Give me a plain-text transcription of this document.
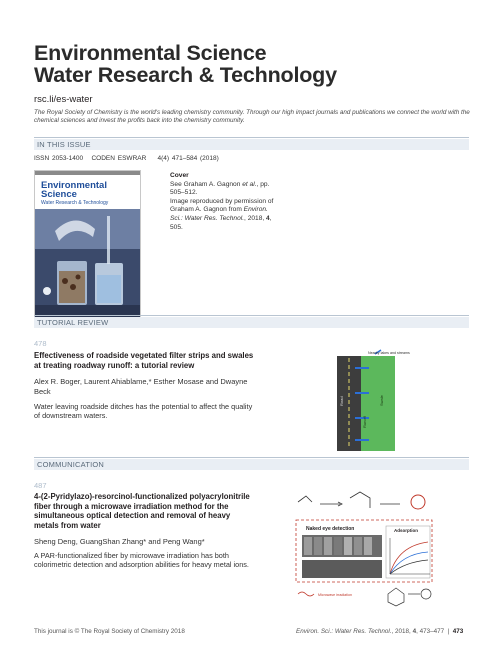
Environmental Science
Water Research & Technology
rsc.li/es-water
The Royal Society of Chemistry is the world's leading chemistry community. Through our high impact journals and publications we connect the world with the chemical sciences and invest the profits back into the chemistry community.
IN THIS ISSUE
ISSN 2053-1400 CODEN ESWRAR 4(4) 471–584 (2018)
Environmental
Science
Water Research & Technology
Cover
See Graham A. Gagnon et al., pp. 505–512.
Image reproduced by permission of Graham A. Gagnon from Environ. Sci.: Water Res. Technol., 2018, 4, 505.
TUTORIAL REVIEW
478
Effectiveness of roadside vegetated filter strips and swales at treating roadway runoff: a tutorial review
Alex R. Boger, Laurent Ahiablame,* Esther Mosase and Dwayne Beck
Water leaving roadside ditches has the potential to affect the quality of downstream waters.
Nearby lakes and streams
Road
Runoff
Swale
COMMUNICATION
487
4-(2-Pyridylazo)-resorcinol-functionalized polyacrylonitrile fiber through a microwave irradiation method for the simultaneous optical detection and removal of heavy metals from water
Sheng Deng, GuangShan Zhang* and Peng Wang*
A PAR-functionalized fiber by microwave irradiation has both colorimetric detection and adsorption abilities for heavy metal ions.
Naked eye detection	Adsorption
Microwave irradiation
This journal is © The Royal Society of Chemistry 2018	Environ. Sci.: Water Res. Technol., 2018, 4, 473–477 | 473
